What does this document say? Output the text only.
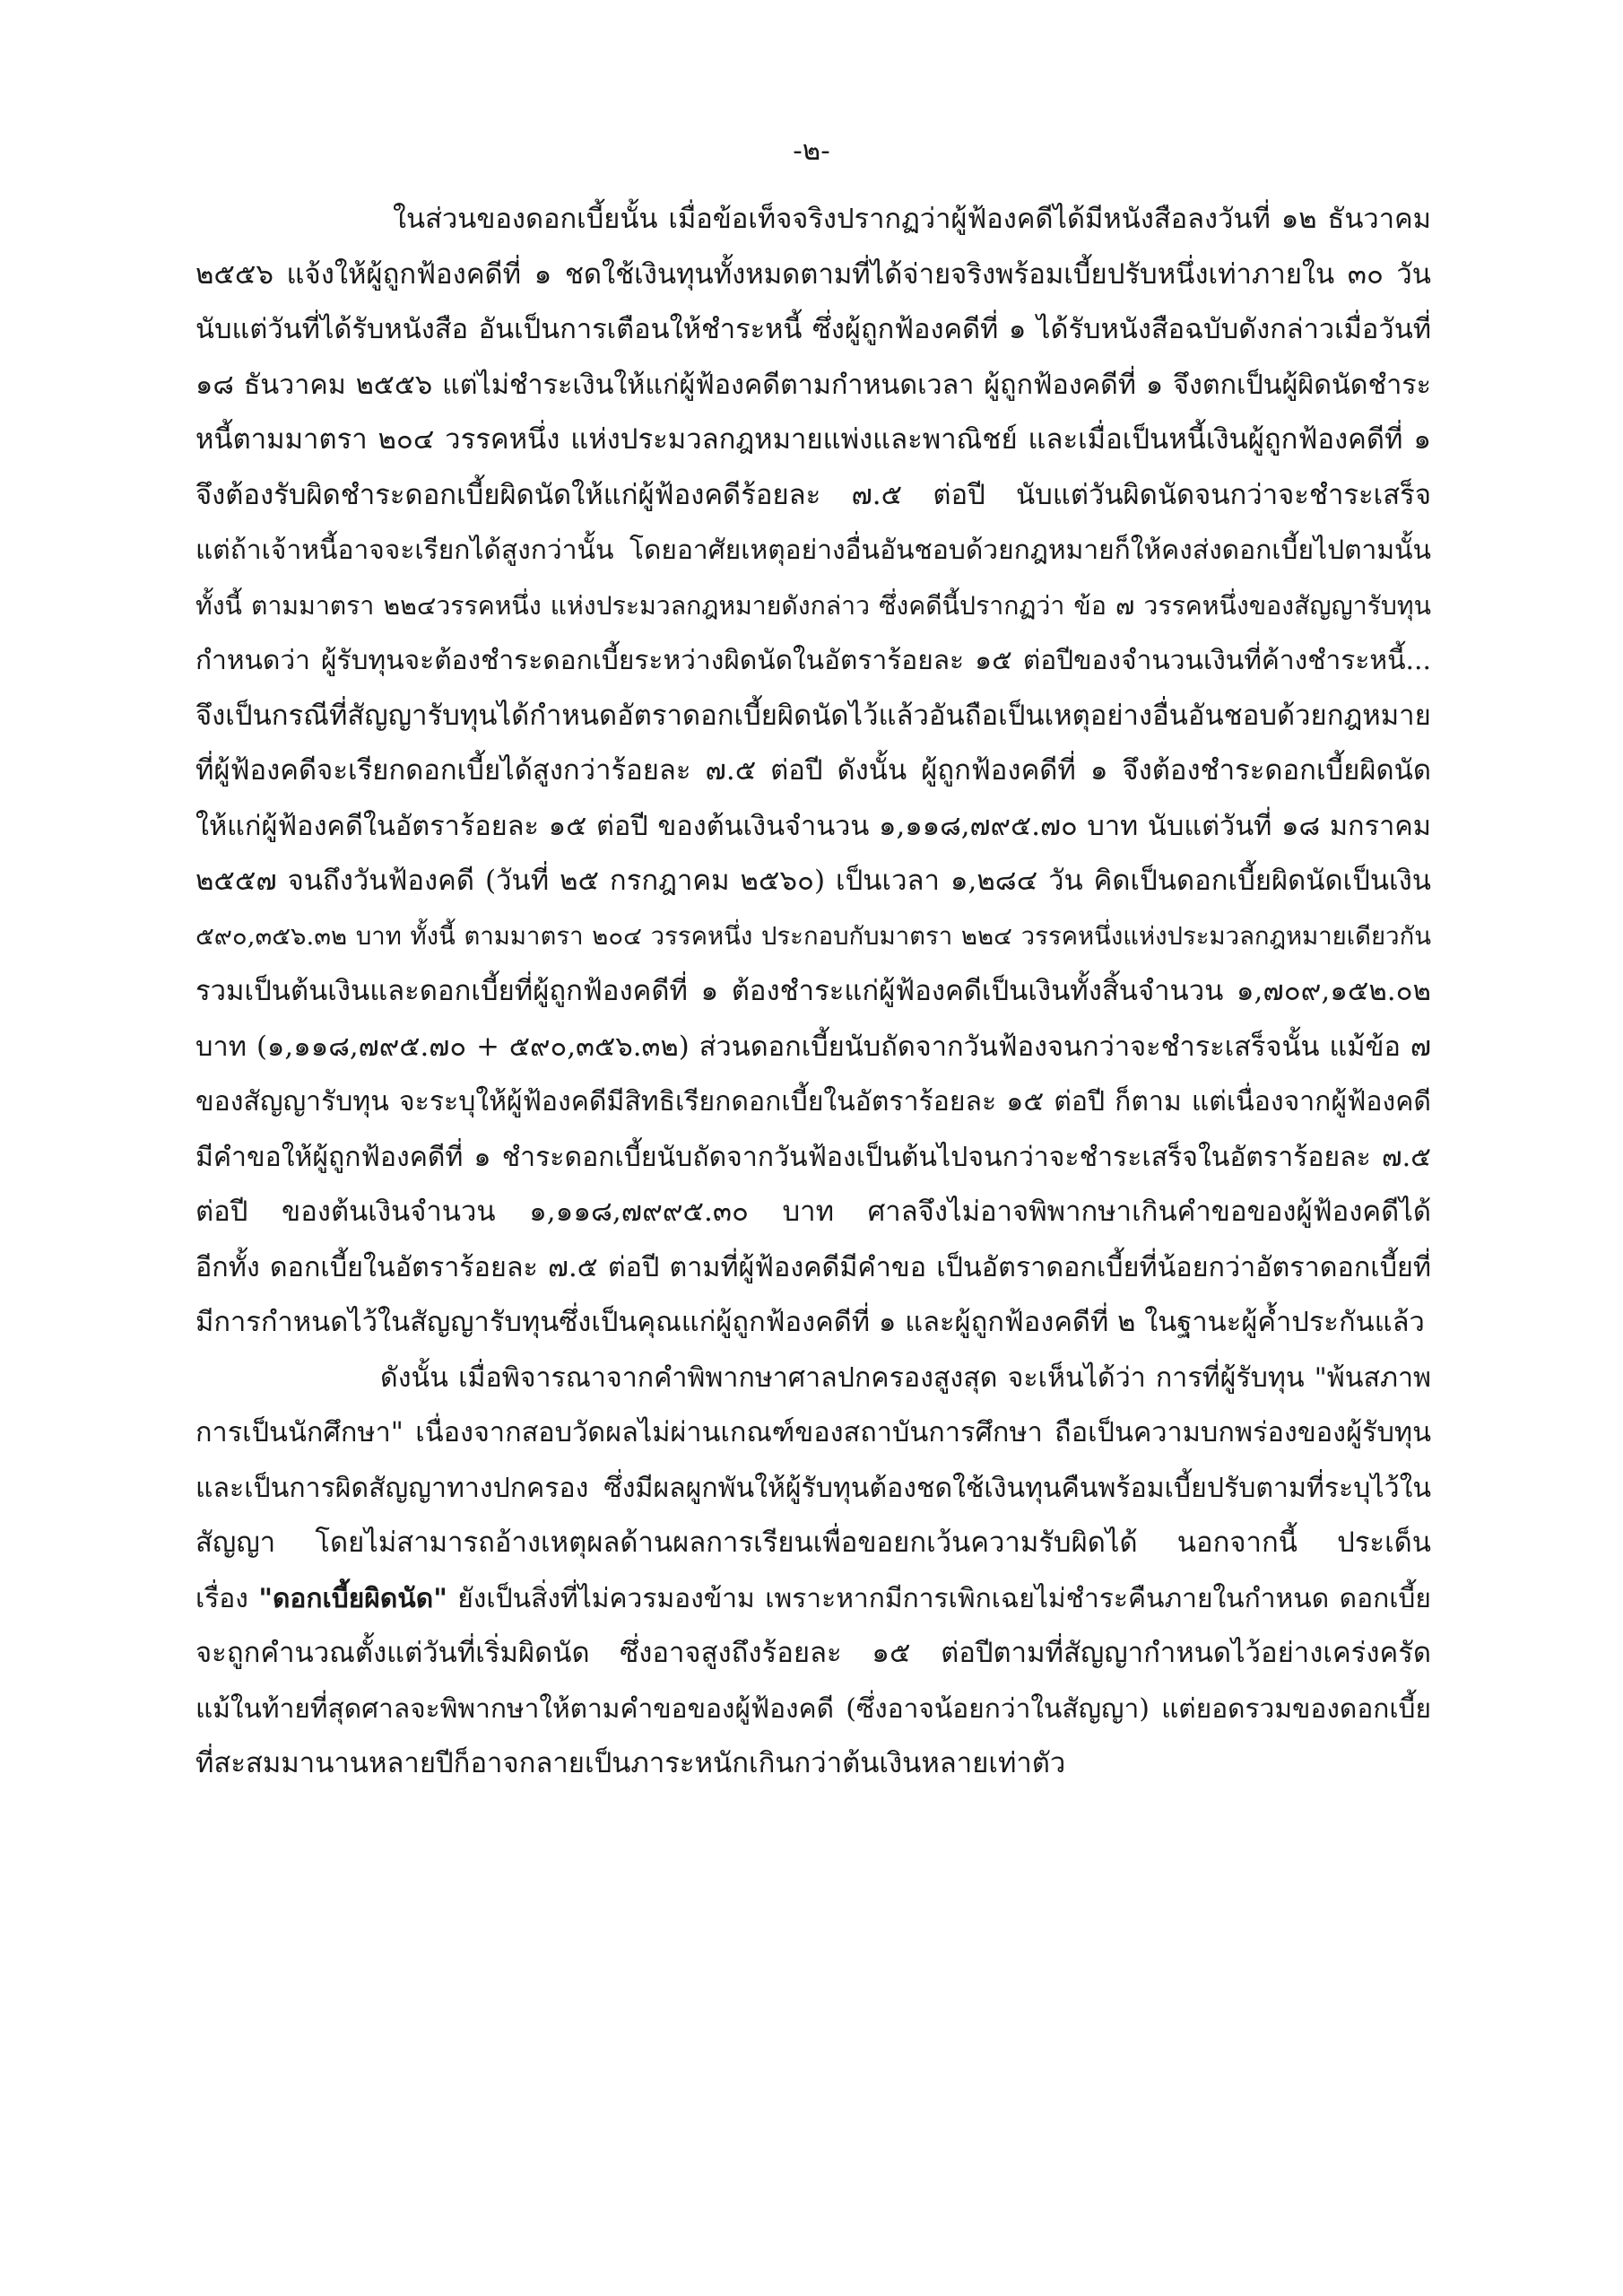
-๒-
ในส่วนของดอกเบี้ยนั้น เมื่อข้อเท็จจริงปรากฏว่าผู้ฟ้องคดีได้มีหนังสือลงวันที่ ๑๒ ธันวาคม
๒๕๕๖ แจ้งให้ผู้ถูกฟ้องคดีที่ ๑ ชดใช้เงินทุนทั้งหมดตามที่ได้จ่ายจริงพร้อมเบี้ยปรับหนึ่งเท่าภายใน ๓๐ วัน
นับแต่วันที่ได้รับหนังสือ อันเป็นการเตือนให้ชำระหนี้ ซึ่งผู้ถูกฟ้องคดีที่ ๑ ได้รับหนังสือฉบับดังกล่าวเมื่อวันที่
๑๘ ธันวาคม ๒๕๕๖ แต่ไม่ชำระเงินให้แก่ผู้ฟ้องคดีตามกำหนดเวลา ผู้ถูกฟ้องคดีที่ ๑ จึงตกเป็นผู้ผิดนัดชำระ
หนี้ตามมาตรา ๒๐๔ วรรคหนึ่ง แห่งประมวลกฎหมายแพ่งและพาณิชย์ และเมื่อเป็นหนี้เงินผู้ถูกฟ้องคดีที่ ๑
จึงต้องรับผิดชำระดอกเบี้ยผิดนัดให้แก่ผู้ฟ้องคดีร้อยละ ๗.๕ ต่อปี นับแต่วันผิดนัดจนกว่าจะชำระเสร็จ
แต่ถ้าเจ้าหนี้อาจจะเรียกได้สูงกว่านั้น โดยอาศัยเหตุอย่างอื่นอันชอบด้วยกฎหมายก็ให้คงส่งดอกเบี้ยไปตามนั้น
ทั้งนี้ ตามมาตรา ๒๒๔วรรคหนึ่ง แห่งประมวลกฎหมายดังกล่าว ซึ่งคดีนี้ปรากฏว่า ข้อ ๗ วรรคหนึ่งของสัญญารับทุน
กำหนดว่า ผู้รับทุนจะต้องชำระดอกเบี้ยระหว่างผิดนัดในอัตราร้อยละ ๑๕ ต่อปีของจำนวนเงินที่ค้างชำระหนี้...
จึงเป็นกรณีที่สัญญารับทุนได้กำหนดอัตราดอกเบี้ยผิดนัดไว้แล้วอันถือเป็นเหตุอย่างอื่นอันชอบด้วยกฎหมาย
ที่ผู้ฟ้องคดีจะเรียกดอกเบี้ยได้สูงกว่าร้อยละ ๗.๕ ต่อปี ดังนั้น ผู้ถูกฟ้องคดีที่ ๑ จึงต้องชำระดอกเบี้ยผิดนัด
ให้แก่ผู้ฟ้องคดีในอัตราร้อยละ ๑๕ ต่อปี ของต้นเงินจำนวน ๑,๑๑๘,๗๙๕.๗๐ บาท นับแต่วันที่ ๑๘ มกราคม
๒๕๕๗ จนถึงวันฟ้องคดี (วันที่ ๒๕ กรกฎาคม ๒๕๖๐) เป็นเวลา ๑,๒๘๔ วัน คิดเป็นดอกเบี้ยผิดนัดเป็นเงิน
๕๙๐,๓๕๖.๓๒ บาท ทั้งนี้ ตามมาตรา ๒๐๔ วรรคหนึ่ง ประกอบกับมาตรา ๒๒๔ วรรคหนึ่งแห่งประมวลกฎหมายเดียวกัน
รวมเป็นต้นเงินและดอกเบี้ยที่ผู้ถูกฟ้องคดีที่ ๑ ต้องชำระแก่ผู้ฟ้องคดีเป็นเงินทั้งสิ้นจำนวน ๑,๗๐๙,๑๕๒.๐๒
บาท (๑,๑๑๘,๗๙๕.๗๐ + ๕๙๐,๓๕๖.๓๒) ส่วนดอกเบี้ยนับถัดจากวันฟ้องจนกว่าจะชำระเสร็จนั้น แม้ข้อ ๗
ของสัญญารับทุน จะระบุให้ผู้ฟ้องคดีมีสิทธิเรียกดอกเบี้ยในอัตราร้อยละ ๑๕ ต่อปี ก็ตาม แต่เนื่องจากผู้ฟ้องคดี
มีคำขอให้ผู้ถูกฟ้องคดีที่ ๑ ชำระดอกเบี้ยนับถัดจากวันฟ้องเป็นต้นไปจนกว่าจะชำระเสร็จในอัตราร้อยละ ๗.๕
ต่อปี ของต้นเงินจำนวน ๑,๑๑๘,๗๙๙๕.๓๐ บาท ศาลจึงไม่อาจพิพากษาเกินคำขอของผู้ฟ้องคดีได้
อีกทั้ง ดอกเบี้ยในอัตราร้อยละ ๗.๕ ต่อปี ตามที่ผู้ฟ้องคดีมีคำขอ เป็นอัตราดอกเบี้ยที่น้อยกว่าอัตราดอกเบี้ยที่
มีการกำหนดไว้ในสัญญารับทุนซึ่งเป็นคุณแก่ผู้ถูกฟ้องคดีที่ ๑ และผู้ถูกฟ้องคดีที่ ๒ ในฐานะผู้ค้ำประกันแล้ว
ดังนั้น เมื่อพิจารณาจากคำพิพากษาศาลปกครองสูงสุด จะเห็นได้ว่า การที่ผู้รับทุน "พ้นสภาพ
การเป็นนักศึกษา" เนื่องจากสอบวัดผลไม่ผ่านเกณฑ์ของสถาบันการศึกษา ถือเป็นความบกพร่องของผู้รับทุน
และเป็นการผิดสัญญาทางปกครอง ซึ่งมีผลผูกพันให้ผู้รับทุนต้องชดใช้เงินทุนคืนพร้อมเบี้ยปรับตามที่ระบุไว้ใน
สัญญา โดยไม่สามารถอ้างเหตุผลด้านผลการเรียนเพื่อขอยกเว้นความรับผิดได้ นอกจากนี้ ประเด็น
เรื่อง "ดอกเบี้ยผิดนัด" ยังเป็นสิ่งที่ไม่ควรมองข้าม เพราะหากมีการเพิกเฉยไม่ชำระคืนภายในกำหนด ดอกเบี้ย
จะถูกคำนวณตั้งแต่วันที่เริ่มผิดนัด ซึ่งอาจสูงถึงร้อยละ ๑๕ ต่อปีตามที่สัญญากำหนดไว้อย่างเคร่งครัด
แม้ในท้ายที่สุดศาลจะพิพากษาให้ตามคำขอของผู้ฟ้องคดี (ซึ่งอาจน้อยกว่าในสัญญา) แต่ยอดรวมของดอกเบี้ย
ที่สะสมมานานหลายปีก็อาจกลายเป็นภาระหนักเกินกว่าต้นเงินหลายเท่าตัว
